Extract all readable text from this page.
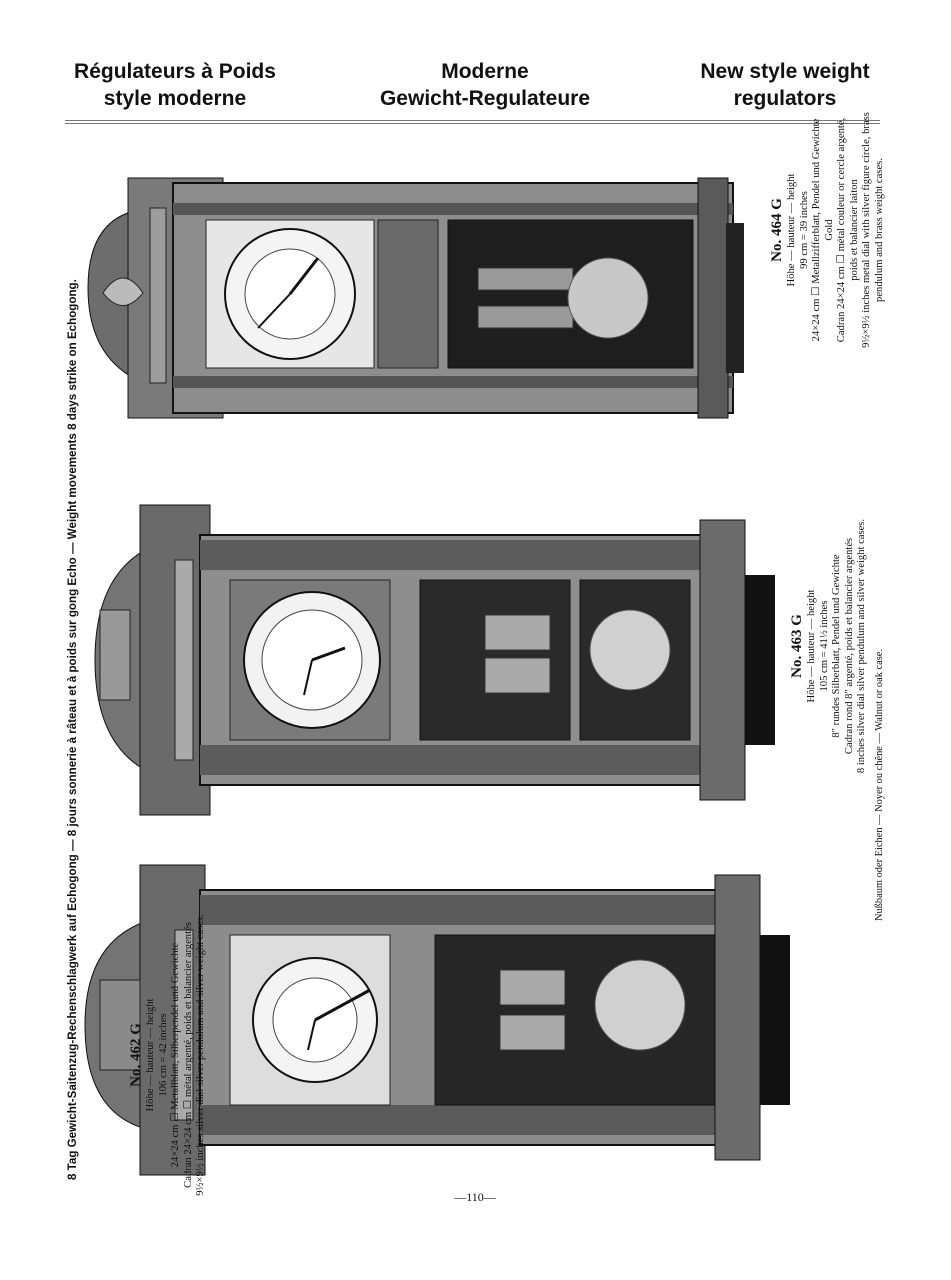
Régulateurs à Poids
style moderne
Moderne
Gewicht-Regulateure
New style weight
regulators
8 Tag Gewicht-Saitenzug-Rechenschlagwerk auf Echogong — 8 jours sonnerie à râteau et à poids sur gong Echo — Weight movements 8 days strike on Echogong.	Nußbaum oder Eichen — Noyer ou chêne — Walnut or oak case.
No. 464 G Höhe — hauteur — height 99 cm = 39 inches 24×24 cm ☐ Metallzifferblatt, Pendel und Gewichte Gold Cadran 24×24 cm ☐ métal couleur or cercle argenté, poids et balancier laiton 9½×9½ inches metal dial with silver figure circle, brass pendulum and brass weight cases.
No. 463 G Höhe — hauteur — height 105 cm = 41½ inches 8" rundes Silberblatt, Pendel und Gewichte Cadran rond 8" argenté, poids et balancier argentés 8 inches silver dial silver pendulum and silver weight cases.
No. 462 G Höhe — hauteur — height 106 cm = 42 inches 24×24 cm ☐ Metallblatt, Silberpendel und Gewichte Cadran 24×24 cm ☐ métal argenté, poids et balancier argentés 9½×9½ inches silver dial silver pendulum and silver weight cases.
—110—
